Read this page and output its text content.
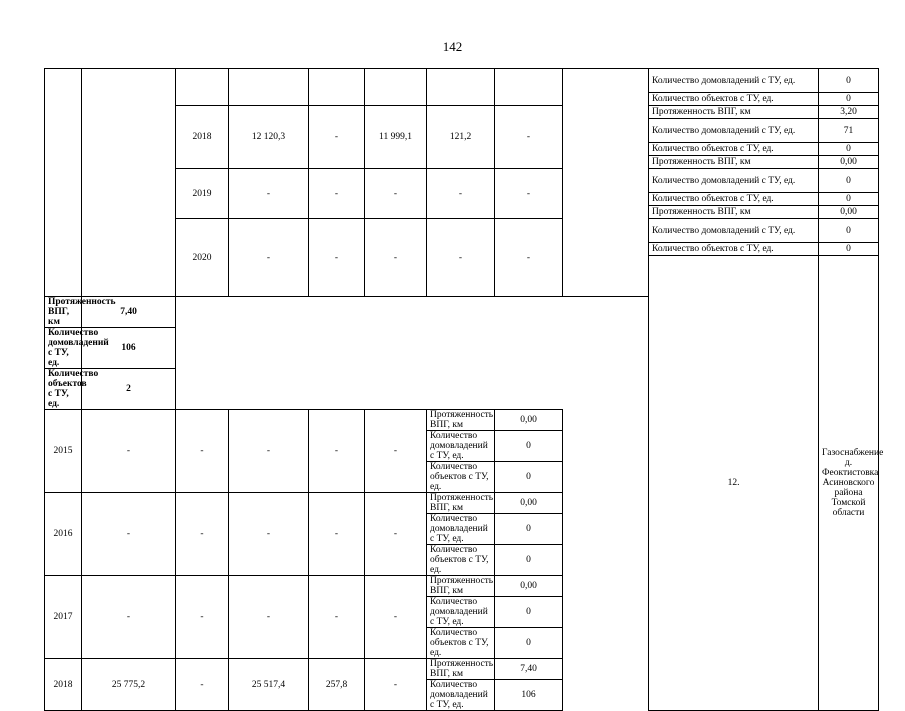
142
									Количество домовладений с ТУ, ед.	0	
									Количество объектов с ТУ, ед.	0	
		2018	12 120,3	-	11 999,1	121,2	-		Протяженность ВПГ, км	3,20	
									Количество домовладений с ТУ, ед.	71	
									Количество объектов с ТУ, ед.	0	
									Протяженность ВПГ, км	0,00	
		2019	-	-	-	-	-		Количество домовладений с ТУ, ед.	0	
									Количество объектов с ТУ, ед.	0	
									Протяженность ВПГ, км	0,00	
		2020	-	-	-	-	-		Количество домовладений с ТУ, ед.	0	
									Количество объектов с ТУ, ед.	0	
									12.	Газоснабжение д. Феоктистовка Асиновского района Томской области									
Протяженность ВПГ, км	7,40										
Количество домовладений с ТУ, ед.	106										
Количество объектов с ТУ, ед.	2										
2015	-	-	-	-	-	Протяженность ВПГ, км	0,00				
						Количество домовладений с ТУ, ед.	0				
						Количество объектов с ТУ, ед.	0				
2016	-	-	-	-	-	Протяженность ВПГ, км	0,00				
						Количество домовладений с ТУ, ед.	0				
						Количество объектов с ТУ, ед.	0				
2017	-	-	-	-	-	Протяженность ВПГ, км	0,00				
						Количество домовладений с ТУ, ед.	0				
						Количество объектов с ТУ, ед.	0				
2018	25 775,2	-	25 517,4	257,8	-	Протяженность ВПГ, км	7,40				
						Количество домовладений с ТУ, ед.	106				
